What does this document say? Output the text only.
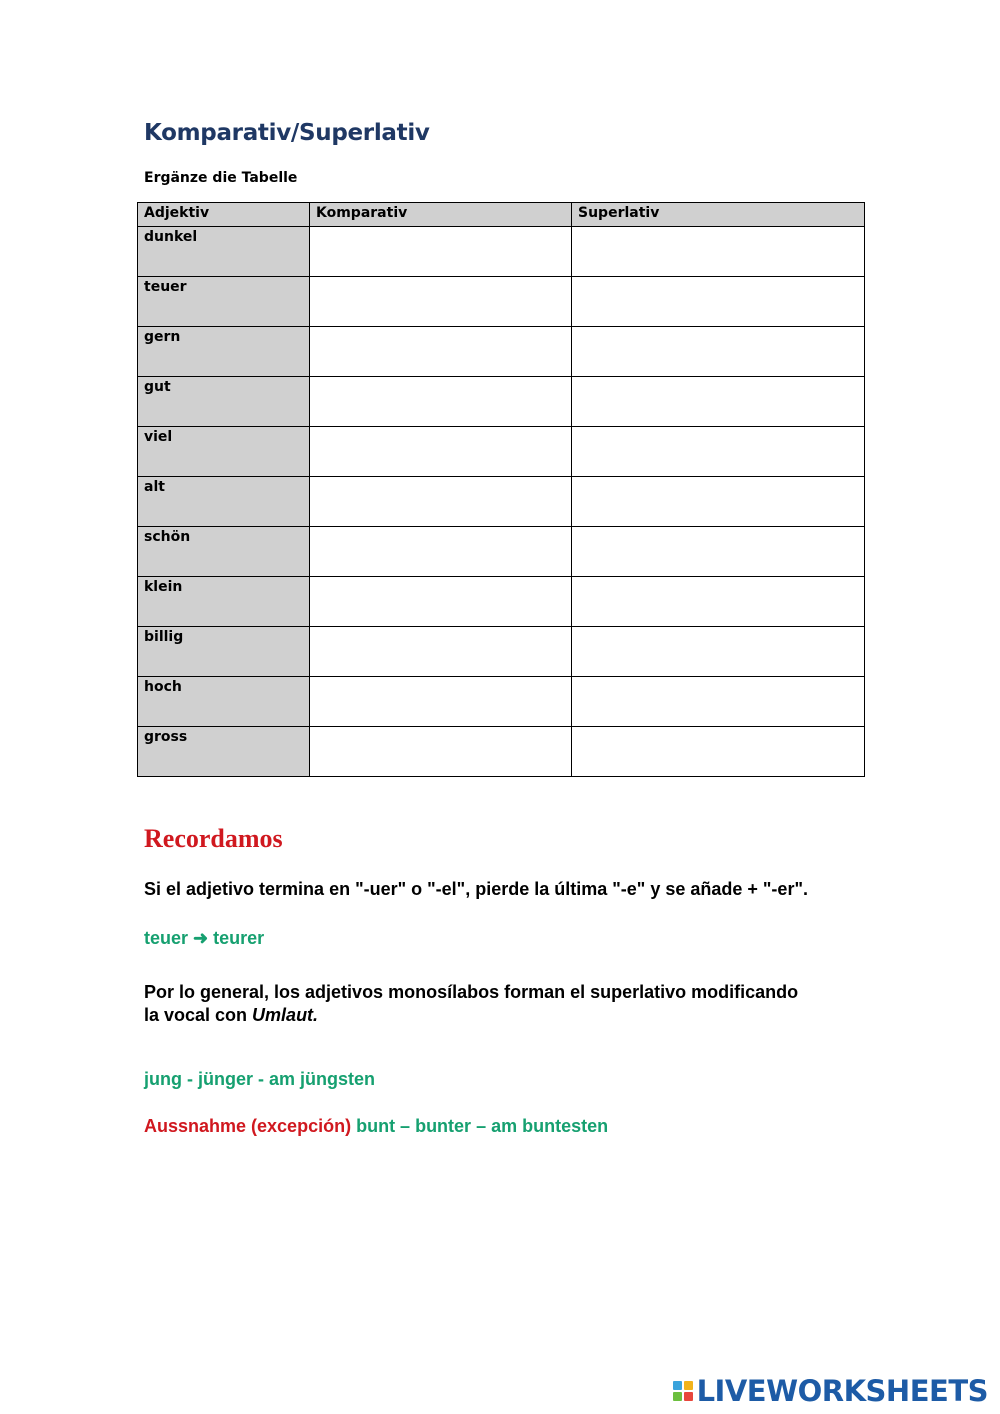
Komparativ/Superlativ
Ergänze die Tabelle
Adjektiv	Komparativ	Superlativ
dunkel		
teuer		
gern		
gut		
viel		
alt		
schön		
klein		
billig		
hoch		
gross		
Recordamos
Si el adjetivo termina en "-uer" o "-el", pierde la última "-e" y se añade + "-er".
teuer ➜ teurer
Por lo general, los adjetivos monosílabos forman el superlativo modificando
la vocal con Umlaut.
jung - jünger - am jüngsten
Aussnahme (excepción) bunt – bunter – am buntesten
LIVEWORKSHEETS
